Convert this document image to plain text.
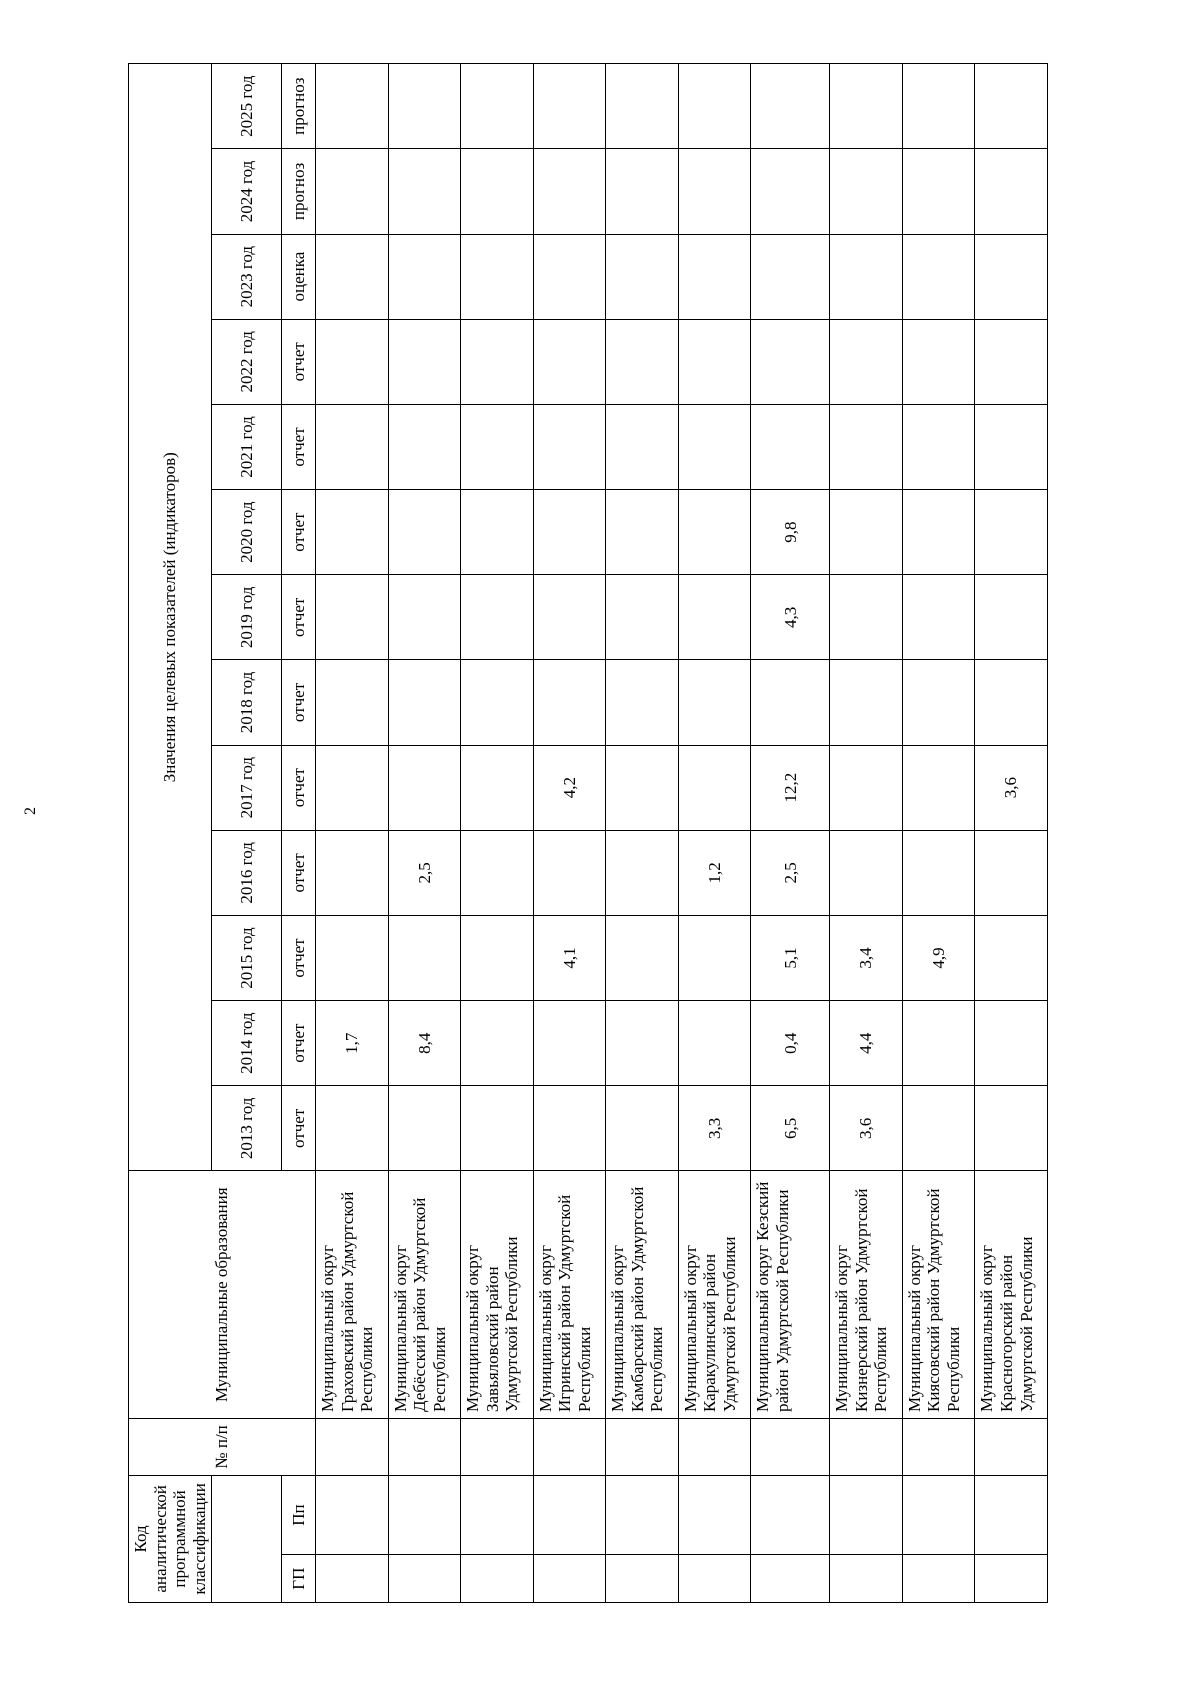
2
Код аналитической программной классификации		№ п/п	Муниципальные образования	Значения целевых показателей (индикаторов)												
				2013 год	2014 год	2015 год	2016 год	2017 год	2018 год	2019 год	2020 год	2021 год	2022 год	2023 год	2024 год	2025 год
ГП	Пп			отчет	отчет	отчет	отчет	отчет	отчет	отчет	отчет	отчет	отчет	оценка	прогноз	прогноз
			Муниципальный округ Граховский район Удмуртской Республики		1,7											
			Муниципальный округ Дебёсский район Удмуртской Республики		8,4		2,5									
			Муниципальный округ Завьяловский район Удмуртской Республики													
			Муниципальный округ Игринский район Удмуртской Республики			4,1		4,2								
			Муниципальный округ Камбарский район Удмуртской Республики													
			Муниципальный округ Каракулинский район Удмуртской Республики	3,3			1,2									
			Муниципальный округ Кезский район Удмуртской Республики	6,5	0,4	5,1	2,5	12,2		4,3	9,8					
			Муниципальный округ Кизнерский район Удмуртской Республики	3,6	4,4	3,4										
			Муниципальный округ Киясовский район Удмуртской Республики			4,9										
			Муниципальный округ Красногорский район Удмуртской Республики					3,6								
